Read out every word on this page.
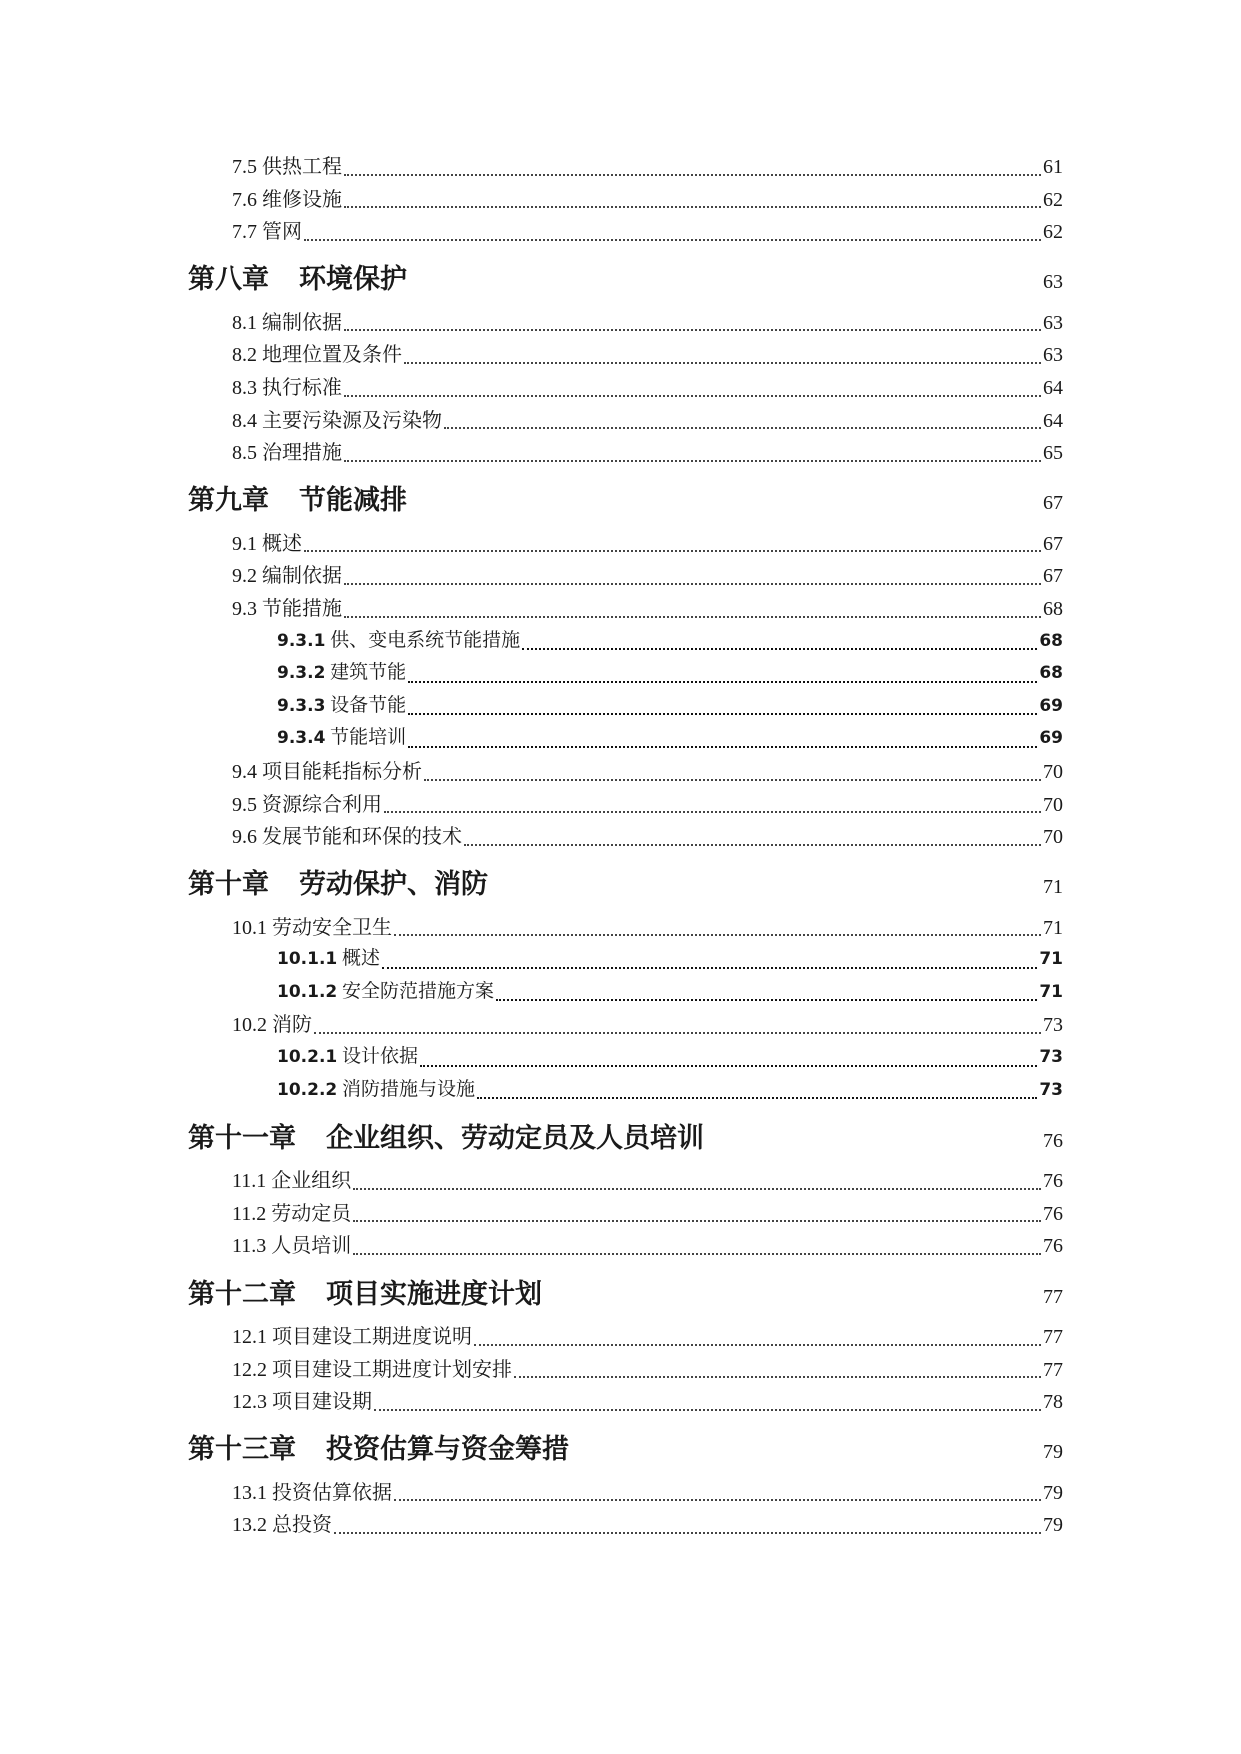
7.5 供热工程	61
7.6 维修设施	62
7.7 管网	62
第八章 环境保护	63
8.1 编制依据	63
8.2 地理位置及条件	63
8.3 执行标准	64
8.4 主要污染源及污染物	64
8.5 治理措施	65
第九章 节能减排	67
9.1 概述	67
9.2 编制依据	67
9.3 节能措施	68
9.3.1 供、变电系统节能措施	68
9.3.2 建筑节能	68
9.3.3 设备节能	69
9.3.4 节能培训	69
9.4 项目能耗指标分析	70
9.5 资源综合利用	70
9.6 发展节能和环保的技术	70
第十章 劳动保护、消防	71
10.1 劳动安全卫生	71
10.1.1 概述	71
10.1.2 安全防范措施方案	71
10.2 消防	73
10.2.1 设计依据	73
10.2.2 消防措施与设施	73
第十一章 企业组织、劳动定员及人员培训	76
11.1 企业组织	76
11.2 劳动定员	76
11.3 人员培训	76
第十二章 项目实施进度计划	77
12.1 项目建设工期进度说明	77
12.2 项目建设工期进度计划安排	77
12.3 项目建设期	78
第十三章 投资估算与资金筹措	79
13.1 投资估算依据	79
13.2 总投资	79
